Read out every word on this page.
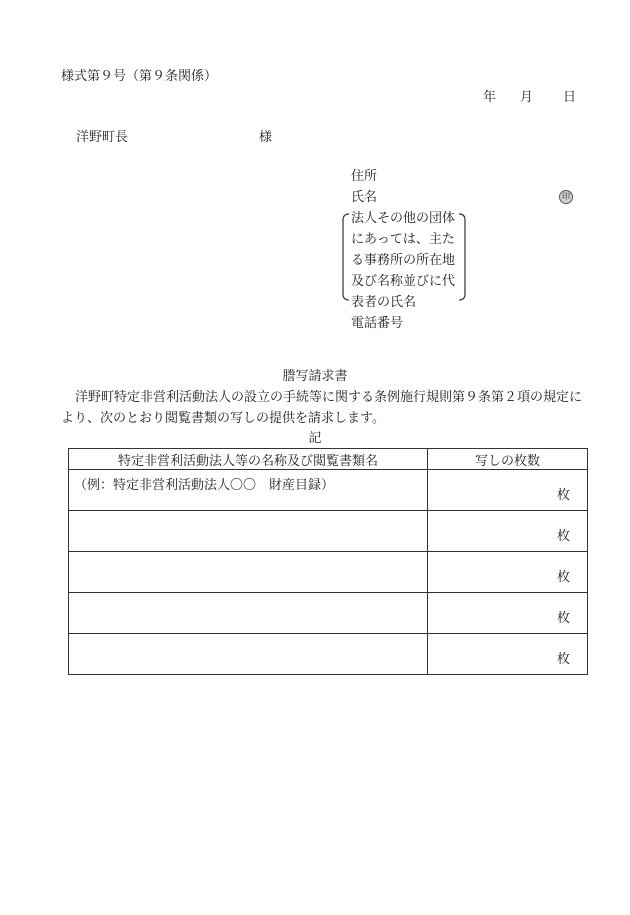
様式第９号（第９条関係）
年 月 日
洋野町長	様
住所
氏名	印
法人その他の団体
にあっては、主た
る事務所の所在地
及び名称並びに代
表者の氏名
電話番号
謄写請求書
洋野町特定非営利活動法人の設立の手続等に関する条例施行規則第９条第２項の規定に
より、次のとおり閲覧書類の写しの提供を請求します。
記
特定非営利活動法人等の名称及び閲覧書類名	写しの枚数

（例：特定非営利活動法人〇〇　財産目録）	枚

	枚

	枚

	枚

	枚
